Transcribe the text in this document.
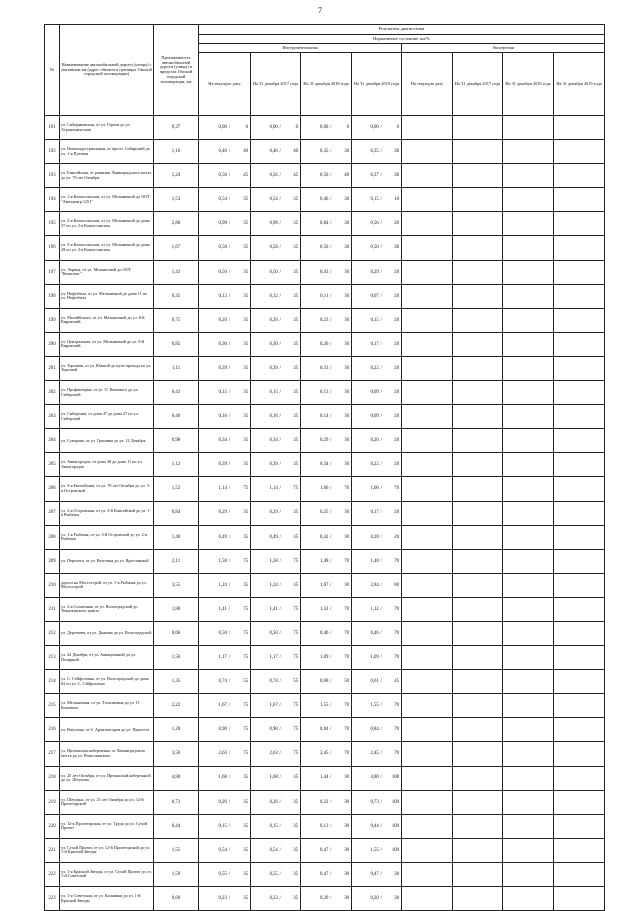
7
№	Наименование автомобильной дороги (улицы) с указанием км (адрес объекта в границах Омской городской агломерации)	Протяженность автомобильной дороги (улицы) в пределах Омской городской агломерации, км	Результаты диагностики							
			Нормативное состояние, км/%							
			Инструментальная				Экспертная			
			На текущую дату	На 31 декабря 2017 года	На 31 декабря 2018 года	На 31 декабря 2019 года	На текущую дату	На 31 декабря 2017 года	На 31 декабря 2018 года	На 31 декабря 2019 года
191	ул. Сибиряковская, от ул. Героев до ул. Агрономическая	0,37	0,00 / 0	0,00 / 0	0,00 / 0	0,00 / 0				
192	ул. Новоиндустриальная, от просп. Сибирский до ул. 1-я Путевая	1,16	0,46 / 40	0,46 / 40	0,35 / 30	0,35 / 30				
193	ул. Енисейская, от развязки Ленинградского моста до ул. 70 лет Октября	1,24	0,56 / 45	0,56 / 45	0,50 / 40	0,37 / 30				
194	ул. 1-я Казахстанская, от ул. Мельничной до ООТ "Автоцентр 1251"	1,53	0,54 / 35	0,54 / 35	0,46 / 30	0,15 / 10				
195	ул. 2-я Казахстанская, от ул. Мельничной до дома 37 по ул. 2-я Казахстанская	2,80	0,98 / 35	0,98 / 35	0,84 / 30	0,56 / 20				
196	ул. 3-я Казахстанская, от ул. Мельничной до дома 28 по ул. 3-я Казахстанская	1,67	0,58 / 35	0,58 / 35	0,50 / 30	0,50 / 30				
197	ул. Лорица, от ул. Мельничной до ООТ "Комплекс"	1,43	0,50 / 35	0,50 / 35	0,43 / 30	0,29 / 20				
198	ул. Нефтебаза, от ул. Мельничной до дома 11 по ул. Нефтебаза	0,35	0,12 / 35	0,12 / 35	0,11 / 30	0,07 / 20				
199	ул. Молайбского, от ул. Мельничной до ул. 8-й Кировский	0,75	0,26 / 35	0,26 / 35	0,23 / 30	0,15 / 20				
200	ул. Центральная, от ул. Мельничной до ул. 8-й Кировский	0,85	0,30 / 35	0,30 / 35	0,26 / 30	0,17 / 20				
201	ул. Торговая, от ул. Южной до пути прохода по ул. Торговой	1,11	0,39 / 35	0,39 / 35	0,33 / 30	0,22 / 20				
202	ул. Профинтерна, от ул. О. Кошевого до ул. Сибирской	0,43	0,15 / 35	0,15 / 35	0,13 / 30	0,09 / 20				
203	ул. Сибирская, от дома 47 до дома 27 по ул. Сиберской	0,46	0,16 / 35	0,16 / 35	0,14 / 30	0,09 / 20				
204	ул. Суворова, от ул. Гришина до ул. 12 Декабря	0,98	0,34 / 35	0,34 / 35	0,29 / 30	0,20 / 20				
205	ул. Авиагородок, от дома 38 до дома 11 по ул. Авиагородок	1,12	0,39 / 35	0,39 / 35	0,34 / 30	0,22 / 20				
206	ул. 3-я Енисейская, от ул. 70 лет Октября до ул. 3-я Островской	1,52	1,14 / 75	1,14 / 75	1,06 / 70	1,06 / 70				
207	ул. 2-я Островская, от ул. 3-й Енисейской до ул. 1-я Рыбачья	0,84	0,29 / 35	0,29 / 35	0,25 / 30	0,17 / 20				
208	ул. 1-я Рыбачья, от ул. 3-й Островской до ул. 2-я Рыбачья	1,40	0,49 / 35	0,49 / 35	0,42 / 30	0,28 / 20				
209	ул. Перелета, от ул. Ватутина до ул. Ярославской	2,11	1,58 / 75	1,58 / 75	1,48 / 70	1,48 / 70				
210	дорога на Мостострой, от ул. 1-я Рыбачья до ул. Мостострой	3,55	1,24 / 35	1,24 / 35	1,07 / 30	2,84 / 80				
211	ул. 2-я Солнечная, от ул. Волгоградской до Тюкалинского тракта	1,88	1,41 / 75	1,41 / 75	1,32 / 70	1,32 / 70				
212	ул. Дергачева, от ул. Дьякова до ул. Волгоградской	0,66	0,50 / 75	0,50 / 75	0,46 / 70	0,46 / 70				
213	ул. 22 Декабря, от ул. Авиационной до ул. Полярной	1,56	1,17 / 75	1,17 / 75	1,09 / 70	1,09 / 70				
214	ул. С. Сейфуллина, от ул. Волгоградской до дома 62 по ул. С. Сейфуллина	1,35	0,74 / 55	0,74 / 55	0,68 / 50	0,61 / 45				
215	ул. Мельничная, от ул. Талалихина до ул. О. Кошевого	2,22	1,67 / 75	1,67 / 75	1,55 / 70	1,55 / 70				
216	ул. Ватутина, от б. Архитекторов до ул. Перелета	1,20	0,90 / 75	0,90 / 75	0,84 / 70	0,84 / 70				
217	ул. Иртышская набережная, от Ленинградского моста до ул. Ремеслинского	3,50	2,63 / 75	2,63 / 75	2,45 / 70	2,45 / 70				
218	ул. 25 лет Октября, от ул. Иртышской набережной до ул. Шеулина	4,80	1,68 / 35	1,68 / 35	1,44 / 30	4,80 / 100				
219	ул. Шеулина, от ул. 25 лет Октября до ул. 12-й Пролетарской	0,73	0,26 / 35	0,26 / 35	0,22 / 30	0,73 / 100				
220	ул. 12-я Пролетарская, от ул. Труда до ул. Сухой Проект	0,44	0,15 / 35	0,15 / 35	0,13 / 30	0,44 / 100				
221	ул. Сухой Проект, от ул. 12-й Пролетарской до ул. 1-й Красной Звезды	1,55	0,54 / 35	0,54 / 35	0,47 / 30	1,55 / 100				
222	ул. 1-я Красной Звезды, от ул. Сухой Проект до ул. 1-й Советской	1,59	0,55 / 35	0,55 / 35	0,47 / 30	0,47 / 30				
223	ул. 1-я Советская, от ул. Калинина до ул. 1-й Красной Звезды	0,66	0,23 / 35	0,23 / 35	0,20 / 30	0,20 / 30				
